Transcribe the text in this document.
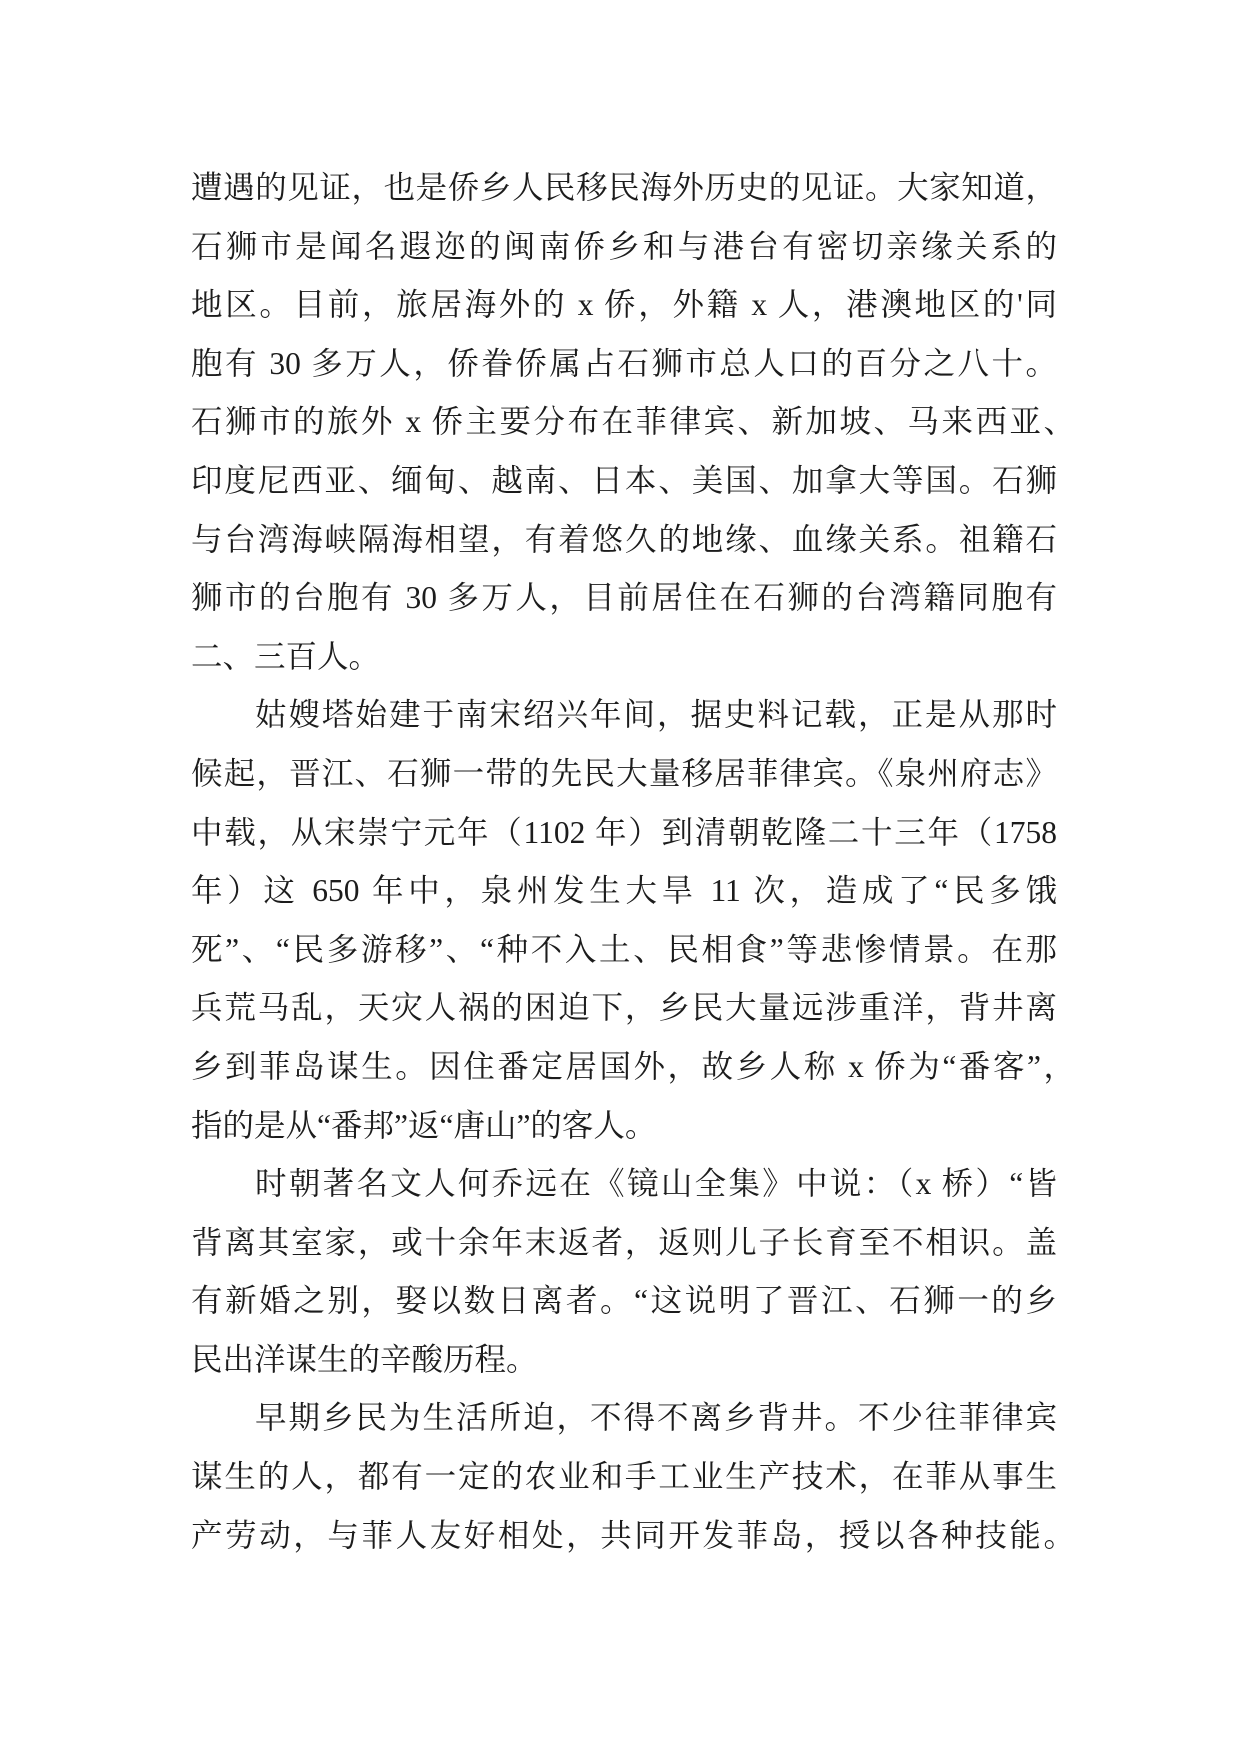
遭遇的见证，也是侨乡人民移民海外历史的见证。大家知道，
石狮市是闻名遐迩的闽南侨乡和与港台有密切亲缘关系的
地区。目前，旅居海外的 x 侨，外籍 x 人，港澳地区的'同
胞有 30 多万人，侨眷侨属占石狮市总人口的百分之八十。
石狮市的旅外 x 侨主要分布在菲律宾、新加坡、马来西亚、
印度尼西亚、缅甸、越南、日本、美国、加拿大等国。石狮
与台湾海峡隔海相望，有着悠久的地缘、血缘关系。祖籍石
狮市的台胞有 30 多万人，目前居住在石狮的台湾籍同胞有
二、三百人。
姑嫂塔始建于南宋绍兴年间，据史料记载，正是从那时
候起，晋江、石狮一带的先民大量移居菲律宾。《泉州府志》
中载，从宋崇宁元年（1102 年）到清朝乾隆二十三年（1758
年）这 650 年中，泉州发生大旱 11 次，造成了“民多饿
死”、“民多游移”、“种不入土、民相食”等悲惨情景。在那
兵荒马乱，天灾人祸的困迫下，乡民大量远涉重洋，背井离
乡到菲岛谋生。因住番定居国外，故乡人称 x 侨为“番客”，
指的是从“番邦”返“唐山”的客人。
时朝著名文人何乔远在《镜山全集》中说：（x 桥）“皆
背离其室家，或十余年末返者，返则儿子长育至不相识。盖
有新婚之别，娶以数日离者。“这说明了晋江、石狮一的乡
民出洋谋生的辛酸历程。
早期乡民为生活所迫，不得不离乡背井。不少往菲律宾
谋生的人，都有一定的农业和手工业生产技术，在菲从事生
产劳动，与菲人友好相处，共同开发菲岛，授以各种技能。
